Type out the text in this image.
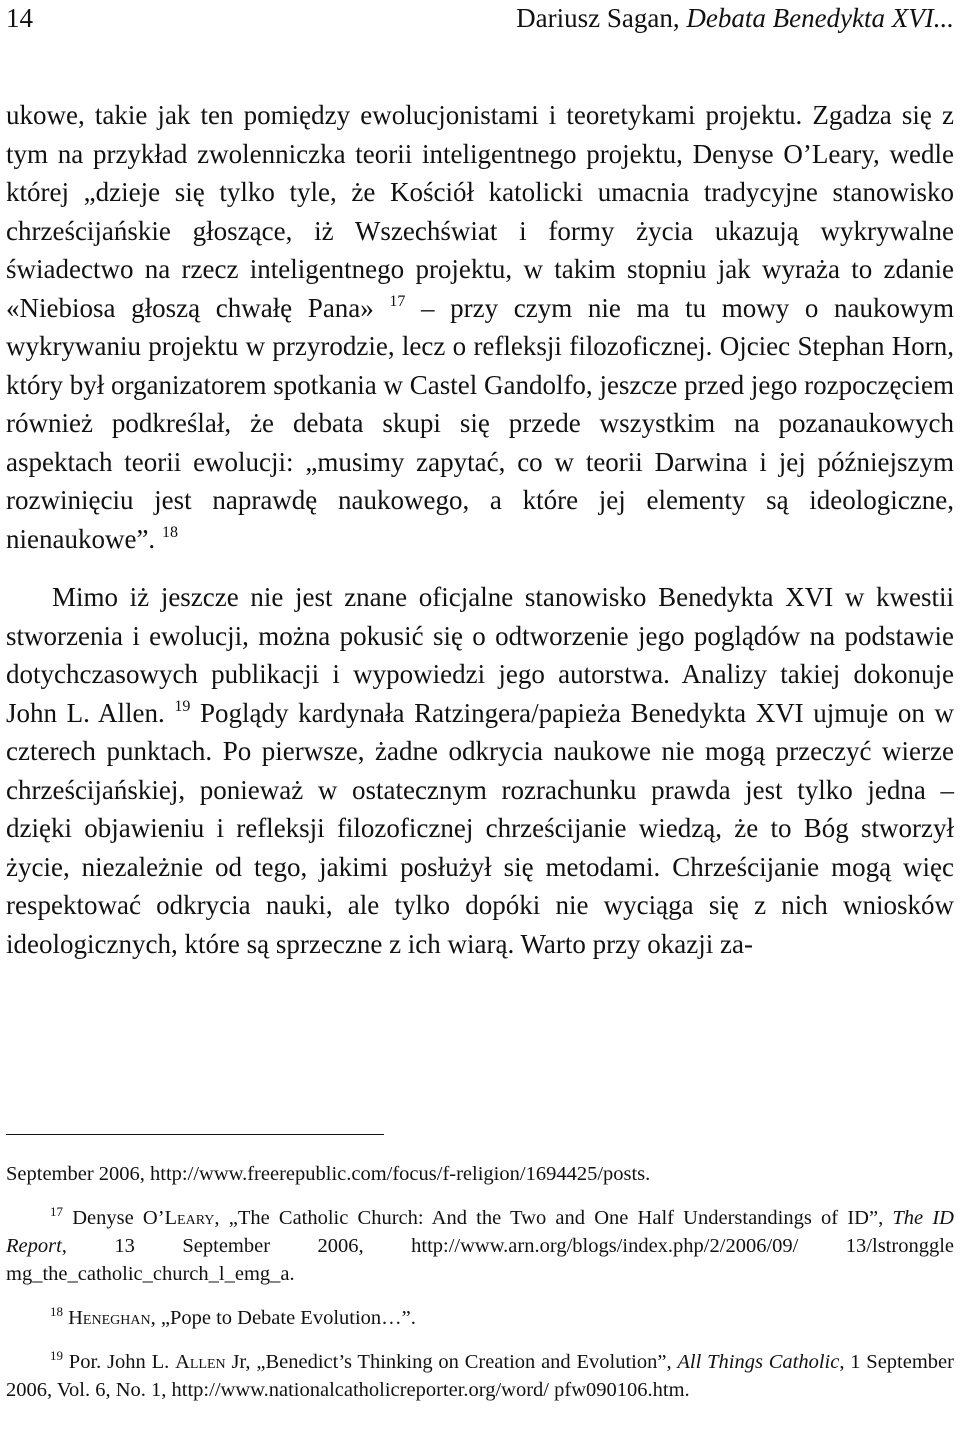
14	Dariusz Sagan, Debata Benedykta XVI...

ukowe, takie jak ten pomiędzy ewolucjonistami i teoretykami projektu. Zgadza się z tym na przykład zwolenniczka teorii inteligentnego projektu, Denyse O’Leary, wedle której „dzieje się tylko tyle, że Kościół katolicki umacnia tradycyjne stanowisko chrześcijańskie głoszące, iż Wszechświat i formy życia ukazują wykrywalne świadectwo na rzecz inteligentnego projektu, w takim stopniu jak wyraża to zdanie «Niebiosa głoszą chwałę Pana» $^{17}$ – przy czym nie ma tu mowy o naukowym wykrywaniu projektu w przyrodzie, lecz o refleksji filozoficznej. Ojciec Stephan Horn, który był organizatorem spotkania w Castel Gandolfo, jeszcze przed jego rozpoczęciem również podkreślał, że debata skupi się przede wszystkim na pozanaukowych aspektach teorii ewolucji: „musimy zapytać, co w teorii Darwina i jej późniejszym rozwinięciu jest naprawdę naukowego, a które jej elementy są ideologiczne, nienaukowe”. $^{18}$

Mimo iż jeszcze nie jest znane oficjalne stanowisko Benedykta XVI w kwestii stworzenia i ewolucji, można pokusić się o odtworzenie jego poglądów na podstawie dotychczasowych publikacji i wypowiedzi jego autorstwa. Analizy takiej dokonuje John L. Allen. $^{19}$ Poglądy kardynała Ratzingera/papieża Benedykta XVI ujmuje on w czterech punktach. Po pierwsze, żadne odkrycia naukowe nie mogą przeczyć wierze chrześcijańskiej, ponieważ w ostatecznym rozrachunku prawda jest tylko jedna – dzięki objawieniu i refleksji filozoficznej chrześcijanie wiedzą, że to Bóg stworzył życie, niezależnie od tego, jakimi posłużył się metodami. Chrześcijanie mogą więc respektować odkrycia nauki, ale tylko dopóki nie wyciąga się z nich wniosków ideologicznych, które są sprzeczne z ich wiarą. Warto przy okazji za-

September 2006, http://www.freerepublic.com/focus/f-religion/1694425/posts.

$^{17}$ Denyse O’Leary, „The Catholic Church: And the Two and One Half Understandings of ID”, The ID Report, 13 September 2006, http://www.arn.org/blogs/index.php/2/2006/09/ 13/lstronggle​mg_the_catholic_church_l_emg_a.

$^{18}$ Heneghan, „Pope to Debate Evolution…”.

$^{19}$ Por. John L. Allen Jr, „Benedict’s Thinking on Creation and Evolution”, All Things Catholic, 1 September 2006, Vol. 6, No. 1, http://www.nationalcatholicreporter.org/word/ pfw090106.htm.
